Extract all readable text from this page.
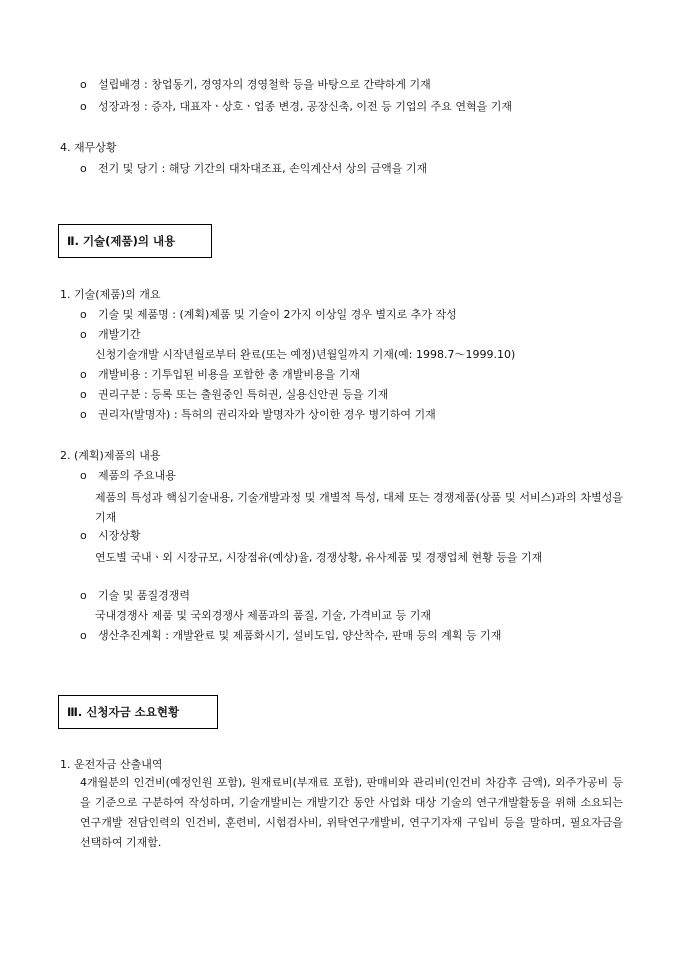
ο 설립배경 : 창업동기, 경영자의 경영철학 등을 바탕으로 간략하게 기재
ο 성장과정 : 증자, 대표자ㆍ상호ㆍ업종 변경, 공장신축, 이전 등 기업의 주요 연혁을 기재
4. 재무상황
ο 전기 및 당기 : 해당 기간의 대차대조표, 손익계산서 상의 금액을 기재
Ⅱ. 기술(제품)의 내용
1. 기술(제품)의 개요
ο 기술 및 제품명 : (계획)제품 및 기술이 2가지 이상일 경우 별지로 추가 작성
ο 개발기간
신청기술개발 시작년월로부터 완료(또는 예정)년월일까지 기재(예: 1998.7～1999.10)
ο 개발비용 : 기투입된 비용을 포함한 총 개발비용을 기재
ο 권리구분 : 등록 또는 출원중인 특허권, 실용신안권 등을 기재
ο 권리자(발명자) : 특허의 권리자와 발명자가 상이한 경우 병기하여 기재
2. (계획)제품의 내용
ο 제품의 주요내용
제품의 특성과 핵심기술내용, 기술개발과정 및 개별적 특성, 대체 또는 경쟁제품(상품 및 서비스)과의 차별성을 기재
ο 시장상황
연도별 국내ㆍ외 시장규모, 시장점유(예상)율, 경쟁상황, 유사제품 및 경쟁업체 현황 등을 기재
ο 기술 및 품질경쟁력
국내경쟁사 제품 및 국외경쟁사 제품과의 품질, 기술, 가격비교 등 기재
ο 생산추진계획 : 개발완료 및 제품화시기, 설비도입, 양산착수, 판매 등의 계획 등 기재
Ⅲ. 신청자금 소요현황
1. 운전자금 산출내역
4개월분의 인건비(예정인원 포함), 원재료비(부재료 포함), 판매비와 관리비(인건비 차감후 금액), 외주가공비 등을 기준으로 구분하여 작성하며, 기술개발비는 개발기간 동안 사업화 대상 기술의 연구개발활동을 위해 소요되는 연구개발 전담인력의 인건비, 훈련비, 시험검사비, 위탁연구개발비, 연구기자재 구입비 등을 말하며, 필요자금을 선택하여 기재함.
